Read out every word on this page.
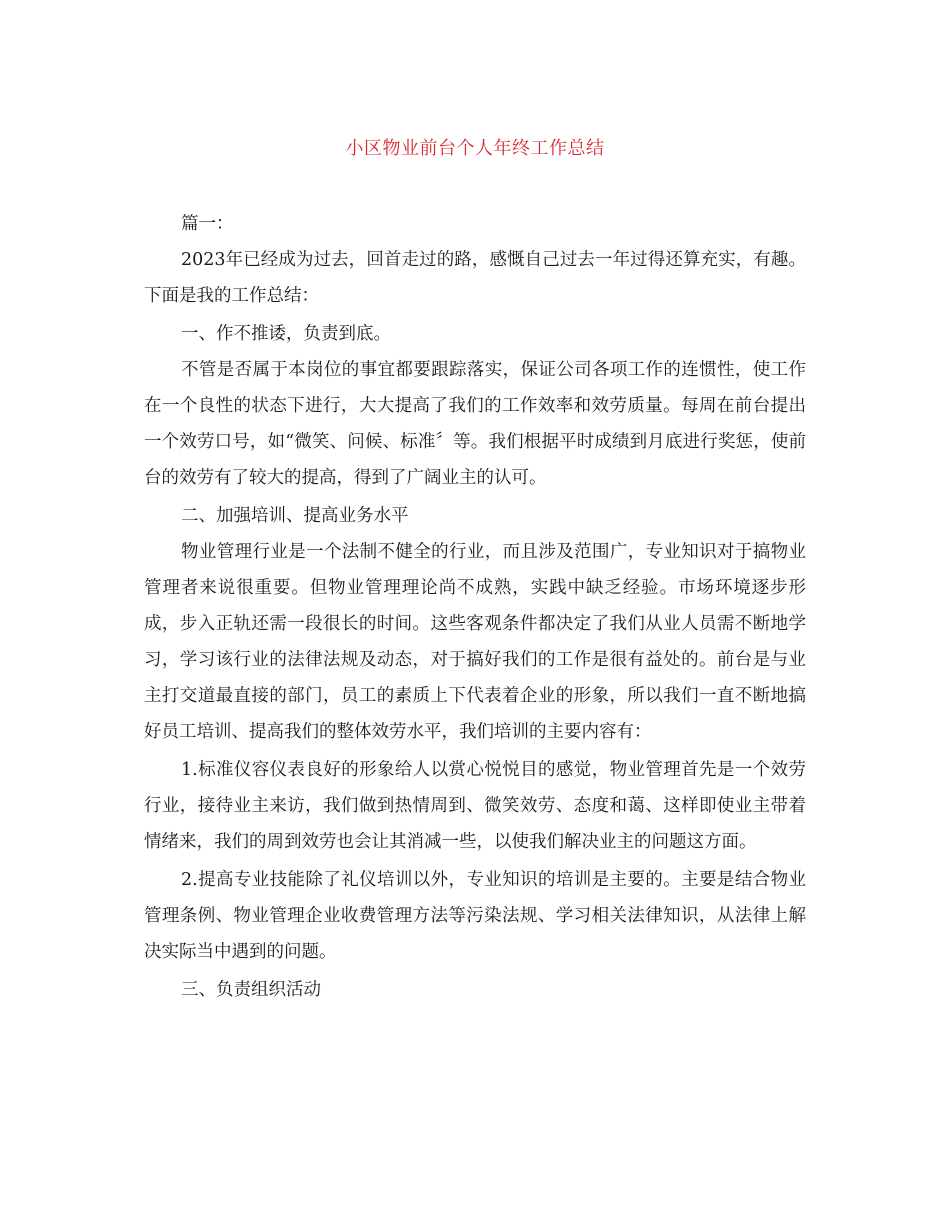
小区物业前台个人年终工作总结

篇一：

2023年已经成为过去，回首走过的路，感慨自己过去一年过得还算充实，有趣。下面是我的工作总结：

一、作不推诿，负责到底。

不管是否属于本岗位的事宜都要跟踪落实，保证公司各项工作的连惯性，使工作在一个良性的状态下进行，大大提高了我们的工作效率和效劳质量。每周在前台提出一个效劳口号，如“微笑、问候、标准〞等。我们根据平时成绩到月底进行奖惩，使前台的效劳有了较大的提高，得到了广阔业主的认可。

二、加强培训、提高业务水平

物业管理行业是一个法制不健全的行业，而且涉及范围广，专业知识对于搞物业管理者来说很重要。但物业管理理论尚不成熟，实践中缺乏经验。市场环境逐步形成，步入正轨还需一段很长的时间。这些客观条件都决定了我们从业人员需不断地学习，学习该行业的法律法规及动态，对于搞好我们的工作是很有益处的。前台是与业主打交道最直接的部门，员工的素质上下代表着企业的形象，所以我们一直不断地搞好员工培训、提高我们的整体效劳水平，我们培训的主要内容有：

1.标准仪容仪表良好的形象给人以赏心悦悦目的感觉，物业管理首先是一个效劳行业，接待业主来访，我们做到热情周到、微笑效劳、态度和蔼、这样即使业主带着情绪来，我们的周到效劳也会让其消减一些，以使我们解决业主的问题这方面。

2.提高专业技能除了礼仪培训以外，专业知识的培训是主要的。主要是结合物业管理条例、物业管理企业收费管理方法等污染法规、学习相关法律知识，从法律上解决实际当中遇到的问题。

三、负责组织活动
